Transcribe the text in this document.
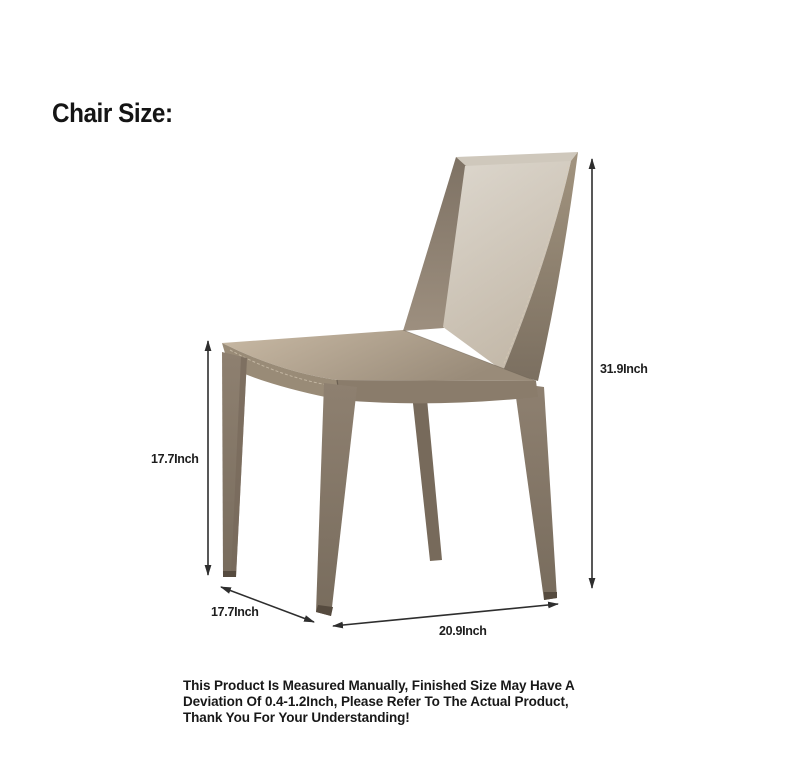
Chair Size:
31.9Inch
17.7Inch
17.7Inch
20.9Inch
This Product Is Measured Manually, Finished Size May Have A
Deviation Of 0.4-1.2Inch, Please Refer To The Actual Product,
Thank You For Your Understanding!
